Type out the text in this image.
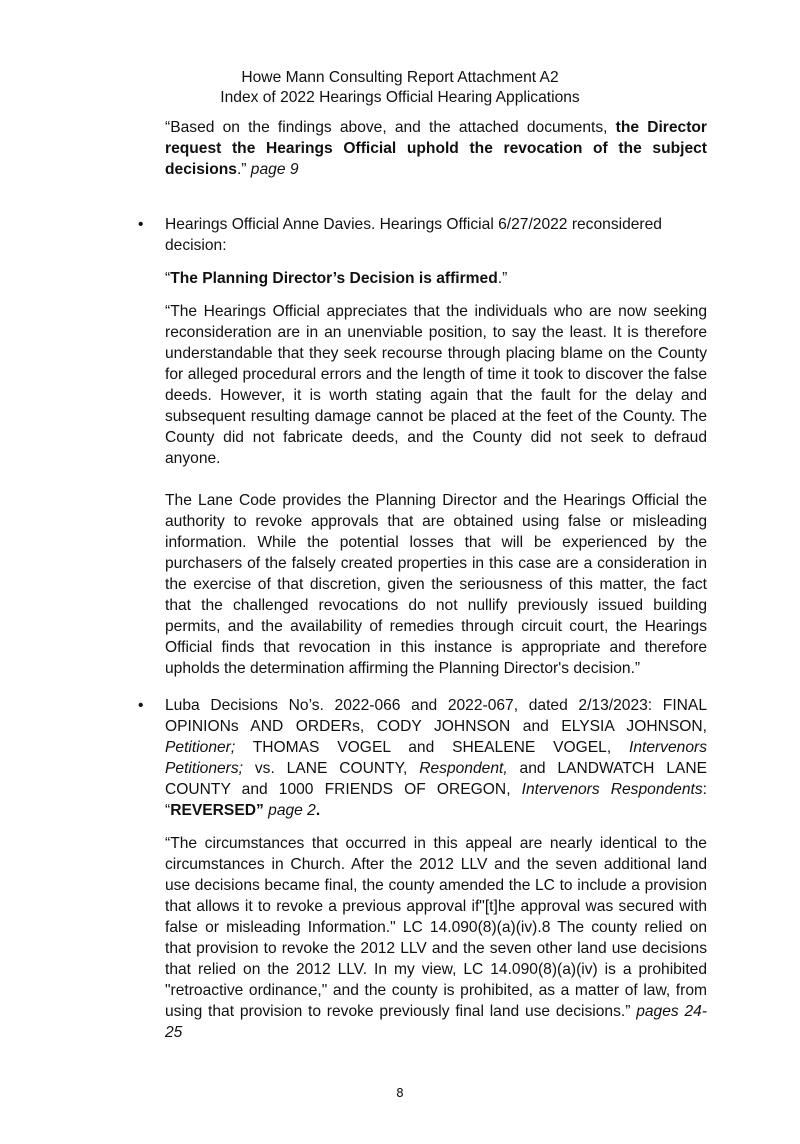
Howe Mann Consulting Report Attachment A2
Index of 2022 Hearings Official Hearing Applications
“Based on the findings above, and the attached documents, the Director request the Hearings Official uphold the revocation of the subject decisions.” page 9
• Hearings Official Anne Davies. Hearings Official 6/27/2022 reconsidered decision:
“The Planning Director’s Decision is affirmed.”

“The Hearings Official appreciates that the individuals who are now seeking reconsideration are in an unenviable position, to say the least. It is therefore understandable that they seek recourse through placing blame on the County for alleged procedural errors and the length of time it took to discover the false deeds. However, it is worth stating again that the fault for the delay and subsequent resulting damage cannot be placed at the feet of the County. The County did not fabricate deeds, and the County did not seek to defraud anyone.

The Lane Code provides the Planning Director and the Hearings Official the authority to revoke approvals that are obtained using false or misleading information. While the potential losses that will be experienced by the purchasers of the falsely created properties in this case are a consideration in the exercise of that discretion, given the seriousness of this matter, the fact that the challenged revocations do not nullify previously issued building permits, and the availability of remedies through circuit court, the Hearings Official finds that revocation in this instance is appropriate and therefore upholds the determination affirming the Planning Director's decision.”

• Luba Decisions No’s. 2022-066 and 2022-067, dated 2/13/2023: FINAL OPINIONs AND ORDERs, CODY JOHNSON and ELYSIA JOHNSON, Petitioner; THOMAS VOGEL and SHEALENE VOGEL, Intervenors Petitioners; vs. LANE COUNTY, Respondent, and LANDWATCH LANE COUNTY and 1000 FRIENDS OF OREGON, Intervenors Respondents: “REVERSED” page 2.
“The circumstances that occurred in this appeal are nearly identical to the circumstances in Church. After the 2012 LLV and the seven additional land use decisions became final, the county amended the LC to include a provision that allows it to revoke a previous approval if"[t]he approval was secured with false or misleading Information." LC 14.090(8)(a)(iv).8 The county relied on that provision to revoke the 2012 LLV and the seven other land use decisions that relied on the 2012 LLV. In my view, LC 14.090(8)(a)(iv) is a prohibited "retroactive ordinance," and the county is prohibited, as a matter of law, from using that provision to revoke previously final land use decisions.” pages 24-25
8
